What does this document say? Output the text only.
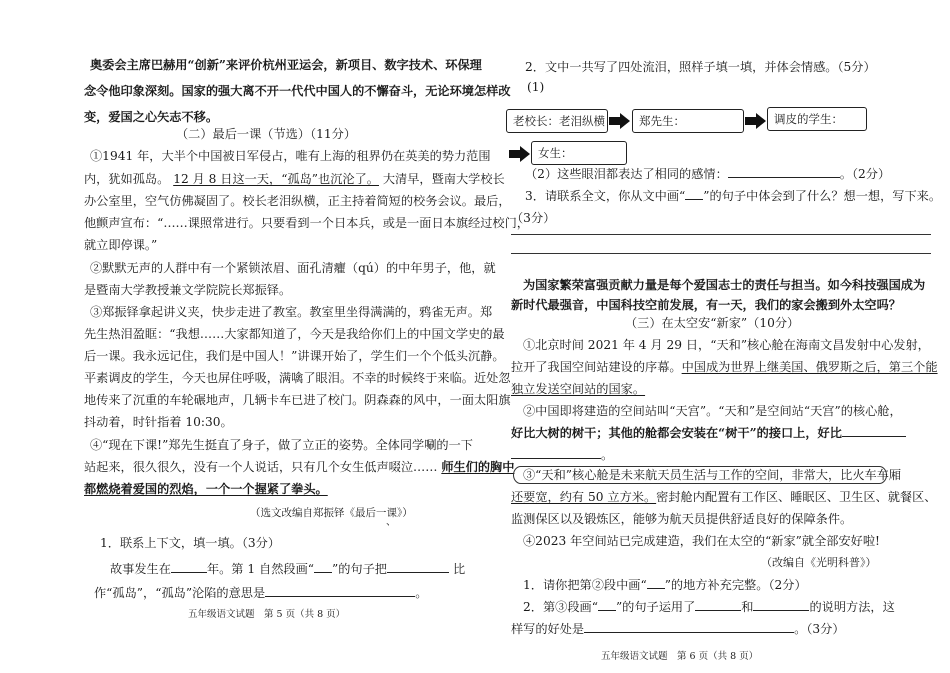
奥委会主席巴赫用“创新”来评价杭州亚运会，新项目、数字技术、环保理
念令他印象深刻。国家的强大离不开一代代中国人的不懈奋斗，无论环境怎样改
变，爱国之心矢志不移。
（二）最后一课（节选）（11分）
①1941 年，大半个中国被日军侵占，唯有上海的租界仍在英美的势力范围
内，犹如孤岛。 12 月 8 日这一天，“孤岛”也沉沦了。 大清早，暨南大学校长
办公室里，空气仿佛凝固了。校长老泪纵横，正主持着简短的校务会议。最后，
他颤声宣布：“……课照常进行。只要看到一个日本兵，或是一面日本旗经过校门，
就立即停课。”
②默默无声的人群中有一个紧锁浓眉、面孔清癯（qú）的中年男子，他，就
是暨南大学教授兼文学院院长郑振铎。
③郑振铎拿起讲义夹，快步走进了教室。教室里坐得满满的，鸦雀无声。郑
先生热泪盈眶：“我想……大家都知道了，今天是我给你们上的中国文学史的最
后一课。我永远记住，我们是中国人！”讲课开始了，学生们一个个低头沉静。
平素调皮的学生，今天也屏住呼吸，满噙了眼泪。不幸的时候终于来临。近处忽
地传来了沉重的车轮碾地声，几辆卡车已进了校门。阴森森的风中，一面太阳旗
抖动着，时针指着 10:30。
④“现在下课!”郑先生挺直了身子，做了立正的姿势。全体同学唰的一下
站起来，很久很久，没有一个人说话，只有几个女生低声啜泣…… 师生们的胸中
都燃烧着爱国的烈焰，一个一个握紧了拳头。
（选文改编自郑振铎《最后一课》）
、
1．联系上下文，填一填。（3分）
故事发生在	年。第 1 自然段画“ ”的句子把	比
作“孤岛”，“孤岛”沦陷的意思是	。
五年级语文试题　第 5 页（共 8 页）
2．文中一共写了四处流泪，照样子填一填，并体会情感。（5分）
(1)
老校长：老泪纵横	郑先生：	调皮的学生：
女生：
（2）这些眼泪都表达了相同的感情：	。（2分）
3．请联系全文，你从文中画“ ”的句子中体会到了什么？想一想，写下来。
（3分）
为国家繁荣富强贡献力量是每个爱国志士的责任与担当。如今科技强国成为
新时代最强音，中国科技空前发展，有一天，我们的家会搬到外太空吗？
（三）在太空安“新家”（10分）
①北京时间 2021 年 4 月 29 日，“天和”核心舱在海南文昌发射中心发射，
拉开了我国空间站建设的序幕。中国成为世界上继美国、俄罗斯之后，第三个能
独立发送空间站的国家。
②中国即将建造的空间站叫“天宫”。“天和”是空间站“天宫”的核心舱，
好比大树的树干；其他的舱都会安装在“树干”的接口上，好比
。
③“天和”核心舱是未来航天员生活与工作的空间，非常大，比火车车厢
还要宽，约有 50 立方米。密封舱内配置有工作区、睡眠区、卫生区、就餐区、
监测保区以及锻炼区，能够为航天员提供舒适良好的保障条件。
④2023 年空间站已完成建造，我们在太空的“新家”就全部安好啦!
（改编自《光明科普》）
1．请你把第②段中画“ ”的地方补充完整。（2分）
2．第③段画“ ”的句子运用了	和	的说明方法，这
样写的好处是	。（3分）
五年级语文试题　第 6 页（共 8 页）
